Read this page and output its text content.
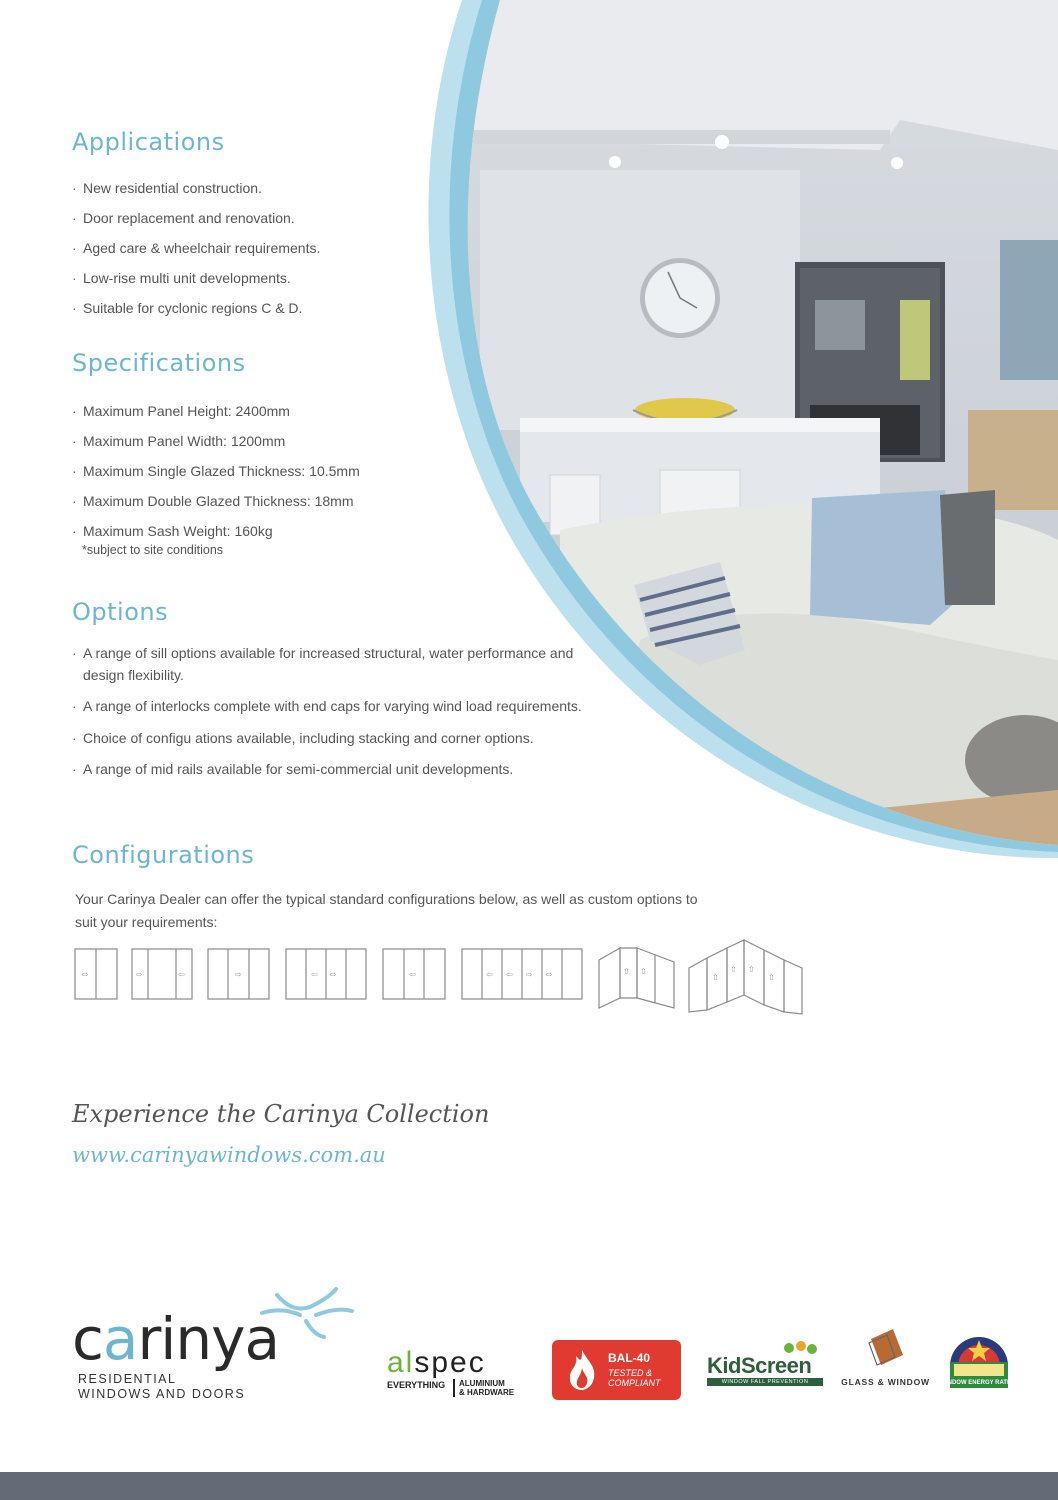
Applications
· New residential construction.
· Door replacement and renovation.
· Aged care & wheelchair requirements.
· Low-rise multi unit developments.
· Suitable for cyclonic regions C & D.
Specifications
· Maximum Panel Height: 2400mm
· Maximum Panel Width: 1200mm
· Maximum Single Glazed Thickness: 10.5mm
· Maximum Double Glazed Thickness: 18mm
· Maximum Sash Weight: 160kg
*subject to site conditions
Options
· A range of sill options available for increased structural, water performance and design flexibility.
· A range of interlocks complete with end caps for varying wind load requirements.
· Choice of configu ations available, including stacking and corner options.
· A range of mid rails available for semi-commercial unit developments.
Configurations

Your Carinya Dealer can offer the typical standard configurations below, as well as custom options to suit your requirements:

⇨	⇨	⇦	⇨	⇦ ⇨	⇦	⇦ ⇦ ⇨ ⇨	⇧ ⇧
⇧
⇧ ⇧
⇧
Experience the Carinya Collection
www.carinyawindows.com.au
carinya
RESIDENTIAL
WINDOWS AND DOORS
alspec
EVERYTHING	ALUMINIUM
& HARDWARE
BAL-40
TESTED &
COMPLIANT
KidScreen
WINDOW FALL PREVENTION	GLASS & WINDOW	WINDOW ENERGY RATING
